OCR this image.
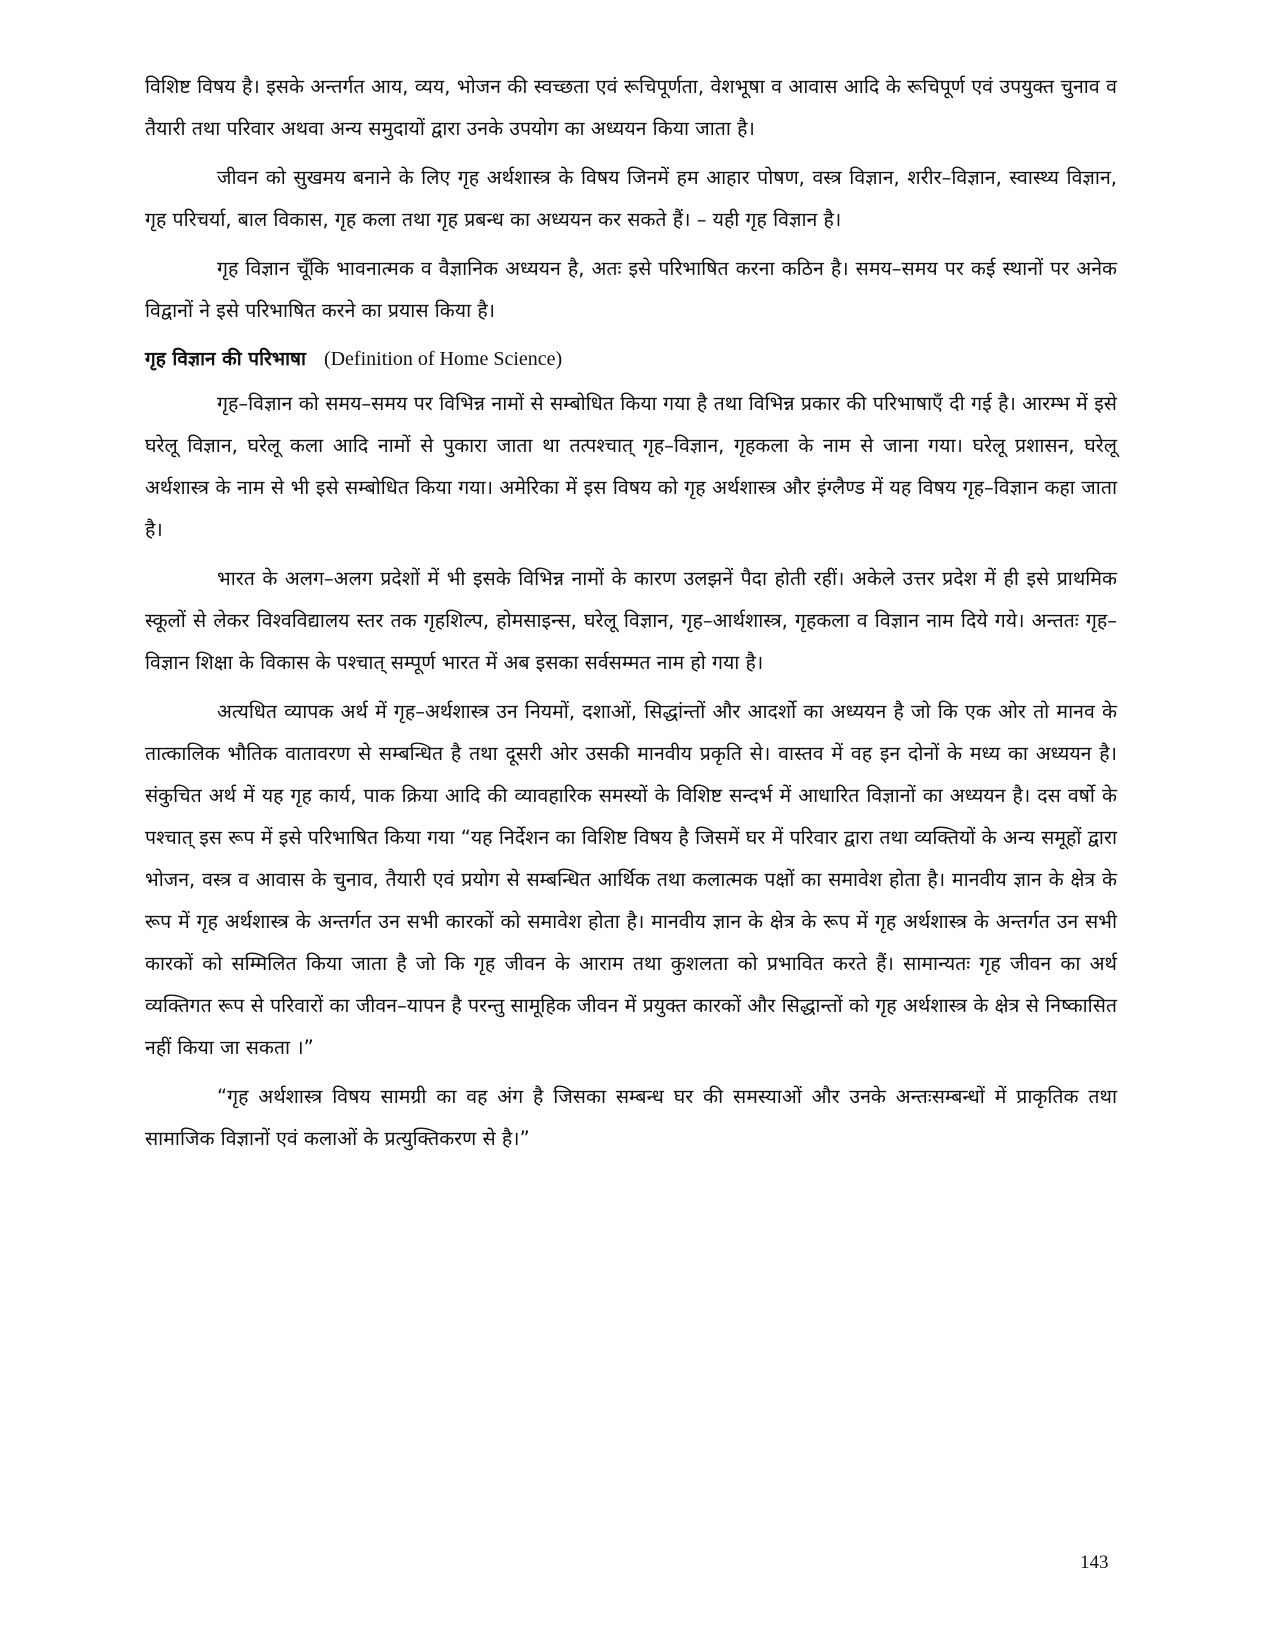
विशिष्ट विषय है। इसके अन्तर्गत आय, व्यय, भोजन की स्वच्छता एवं रूचिपूर्णता, वेशभूषा व आवास आदि के रूचिपूर्ण एवं उपयुक्त चुनाव व तैयारी तथा परिवार अथवा अन्य समुदायों द्वारा उनके उपयोग का अध्ययन किया जाता है।

जीवन को सुखमय बनाने के लिए गृह अर्थशास्त्र के विषय जिनमें हम आहार पोषण, वस्त्र विज्ञान, शरीर–विज्ञान, स्वास्थ्य विज्ञान, गृह परिचर्या, बाल विकास, गृह कला तथा गृह प्रबन्ध का अध्ययन कर सकते हैं। – यही गृह विज्ञान है।

गृह विज्ञान चूँकि भावनात्मक व वैज्ञानिक अध्ययन है, अतः इसे परिभाषित करना कठिन है। समय–समय पर कई स्थानों पर अनेक विद्वानों ने इसे परिभाषित करने का प्रयास किया है।

गृह विज्ञान की परिभाषा (Definition of Home Science)

गृह–विज्ञान को समय–समय पर विभिन्न नामों से सम्बोधित किया गया है तथा विभिन्न प्रकार की परिभाषाएँ दी गई है। आरम्भ में इसे घरेलू विज्ञान, घरेलू कला आदि नामों से पुकारा जाता था तत्पश्चात् गृह–विज्ञान, गृहकला के नाम से जाना गया। घरेलू प्रशासन, घरेलू अर्थशास्त्र के नाम से भी इसे सम्बोधित किया गया। अमेरिका में इस विषय को गृह अर्थशास्त्र और इंग्लैण्ड में यह विषय गृह–विज्ञान कहा जाता है।

भारत के अलग–अलग प्रदेशों में भी इसके विभिन्न नामों के कारण उलझनें पैदा होती रहीं। अकेले उत्तर प्रदेश में ही इसे प्राथमिक स्कूलों से लेकर विश्वविद्यालय स्तर तक गृहशिल्प, होमसाइन्स, घरेलू विज्ञान, गृह–आर्थशास्त्र, गृहकला व विज्ञान नाम दिये गये। अन्ततः गृह–विज्ञान शिक्षा के विकास के पश्चात् सम्पूर्ण भारत में अब इसका सर्वसम्मत नाम हो गया है।

अत्यधित व्यापक अर्थ में गृह–अर्थशास्त्र उन नियमों, दशाओं, सिद्धांन्तों और आदर्शो का अध्ययन है जो कि एक ओर तो मानव के तात्कालिक भौतिक वातावरण से सम्बन्धित है तथा दूसरी ओर उसकी मानवीय प्रकृति से। वास्तव में वह इन दोनों के मध्य का अध्ययन है। संकुचित अर्थ में यह गृह कार्य, पाक क्रिया आदि की व्यावहारिक समस्यों के विशिष्ट सन्दर्भ में आधारित विज्ञानों का अध्ययन है। दस वर्षो के पश्चात् इस रूप में इसे परिभाषित किया गया “यह निर्देशन का विशिष्ट विषय है जिसमें घर में परिवार द्वारा तथा व्यक्तियों के अन्य समूहों द्वारा भोजन, वस्त्र व आवास के चुनाव, तैयारी एवं प्रयोग से सम्बन्धित आर्थिक तथा कलात्मक पक्षों का समावेश होता है। मानवीय ज्ञान के क्षेत्र के रूप में गृह अर्थशास्त्र के अन्तर्गत उन सभी कारकों को समावेश होता है। मानवीय ज्ञान के क्षेत्र के रूप में गृह अर्थशास्त्र के अन्तर्गत उन सभी कारकों को सम्मिलित किया जाता है जो कि गृह जीवन के आराम तथा कुशलता को प्रभावित करते हैं। सामान्यतः गृह जीवन का अर्थ व्यक्तिगत रूप से परिवारों का जीवन–यापन है परन्तु सामूहिक जीवन में प्रयुक्त कारकों और सिद्धान्तों को गृह अर्थशास्त्र के क्षेत्र से निष्कासित नहीं किया जा सकता ।”

“गृह अर्थशास्त्र विषय सामग्री का वह अंग है जिसका सम्बन्ध घर की समस्याओं और उनके अन्तःसम्बन्धों में प्राकृतिक तथा सामाजिक विज्ञानों एवं कलाओं के प्रत्युक्तिकरण से है।”

143
